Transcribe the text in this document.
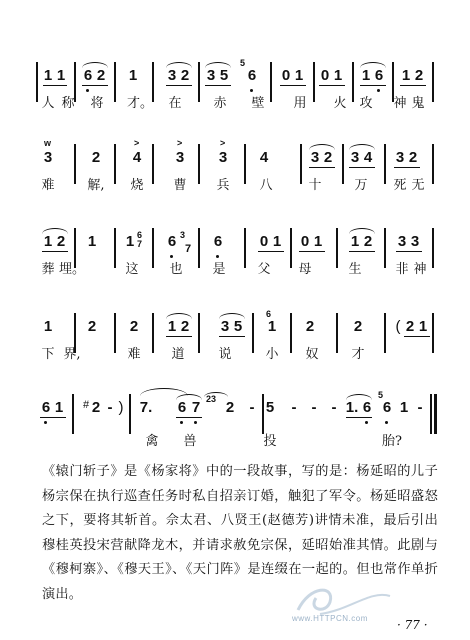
1 1 6 2 1 3 2 3 5
5
6 0 1 0 1 1 6 1 2
人 称 将 才。 在 赤 壁 用 火 攻 神 鬼
w
3	2
>
4
>
3
>
3 4	3 2 3 4 3 2
难	解, 烧 曹 兵 八	十	万 死 无
1 2 1 1 6
7 6 3
7 6	0 1 0 1 1 2 3 3
葬 埋。	这 也 是 父 母	生	非 神
1 2 2 1 2 3 5
6
1 2	2 ( 2 1
下 界,	难 道	说	小 奴	才
6 1 # 2 - ) 7. 6 7 23 2 - 5 - - - 1. 6
5
6 1 -
禽 兽	投	胎?
《辕门斩子》是《杨家将》中的一段故事，写的是：杨延昭的儿子杨宗保在执行巡查任务时私自招亲订婚，触犯了军令。杨延昭盛怒之下，要将其斩首。佘太君、八贤王(赵德芳)讲情未准，最后引出穆桂英投宋营献降龙木，并请求赦免宗保，延昭始准其情。此剧与《穆柯寨》、《穆天王》、《天门阵》是连缀在一起的。但也常作单折演出。
www.HTTPCN.com · 77 ·
